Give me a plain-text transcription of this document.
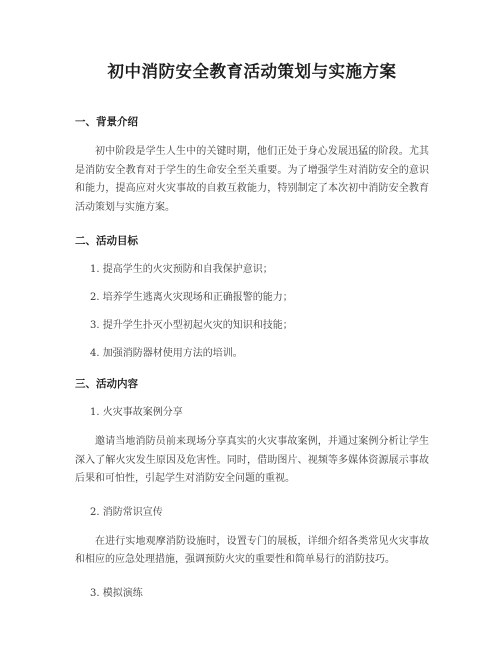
初中消防安全教育活动策划与实施方案
一、背景介绍

初中阶段是学生人生中的关键时期，他们正处于身心发展迅猛的阶段。尤其是消防安全教育对于学生的生命安全至关重要。为了增强学生对消防安全的意识和能力，提高应对火灾事故的自救互救能力，特别制定了本次初中消防安全教育活动策划与实施方案。

二、活动目标

1. 提高学生的火灾预防和自我保护意识；

2. 培养学生逃离火灾现场和正确报警的能力；

3. 提升学生扑灭小型初起火灾的知识和技能；

4. 加强消防器材使用方法的培训。

三、活动内容

1. 火灾事故案例分享

邀请当地消防员前来现场分享真实的火灾事故案例，并通过案例分析让学生深入了解火灾发生原因及危害性。同时，借助图片、视频等多媒体资源展示事故后果和可怕性，引起学生对消防安全问题的重视。

2. 消防常识宣传

在进行实地观摩消防设施时，设置专门的展板，详细介绍各类常见火灾事故和相应的应急处理措施，强调预防火灾的重要性和简单易行的消防技巧。

3. 模拟演练
